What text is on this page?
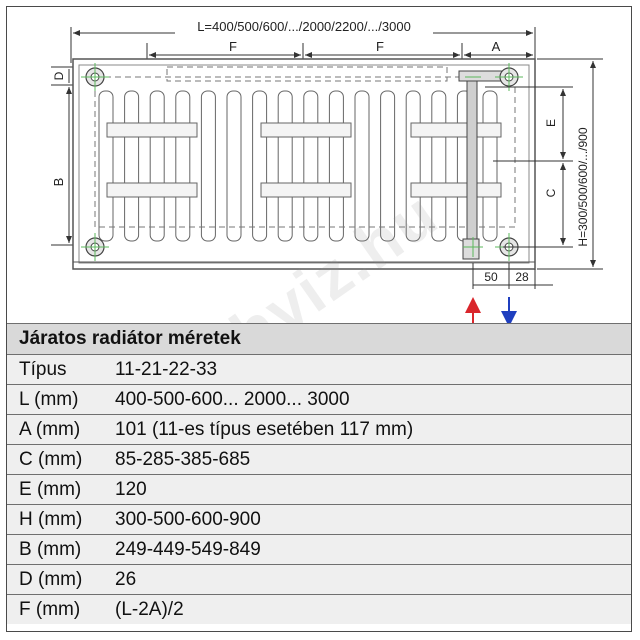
L=400/500/600/.../2000/2200/.../3000
F	F	A
D
B
E
C H=300/500/600/.../900
50 28
hviz.hu
Járatos radiátor méretek	
Típus	11-21-22-33
L (mm)	400-500-600... 2000... 3000
A (mm)	101 (11-es típus esetében 117 mm)
C (mm)	85-285-385-685
E (mm)	120
H (mm)	300-500-600-900
B (mm)	249-449-549-849
D (mm)	26
F (mm)	(L-2A)/2
